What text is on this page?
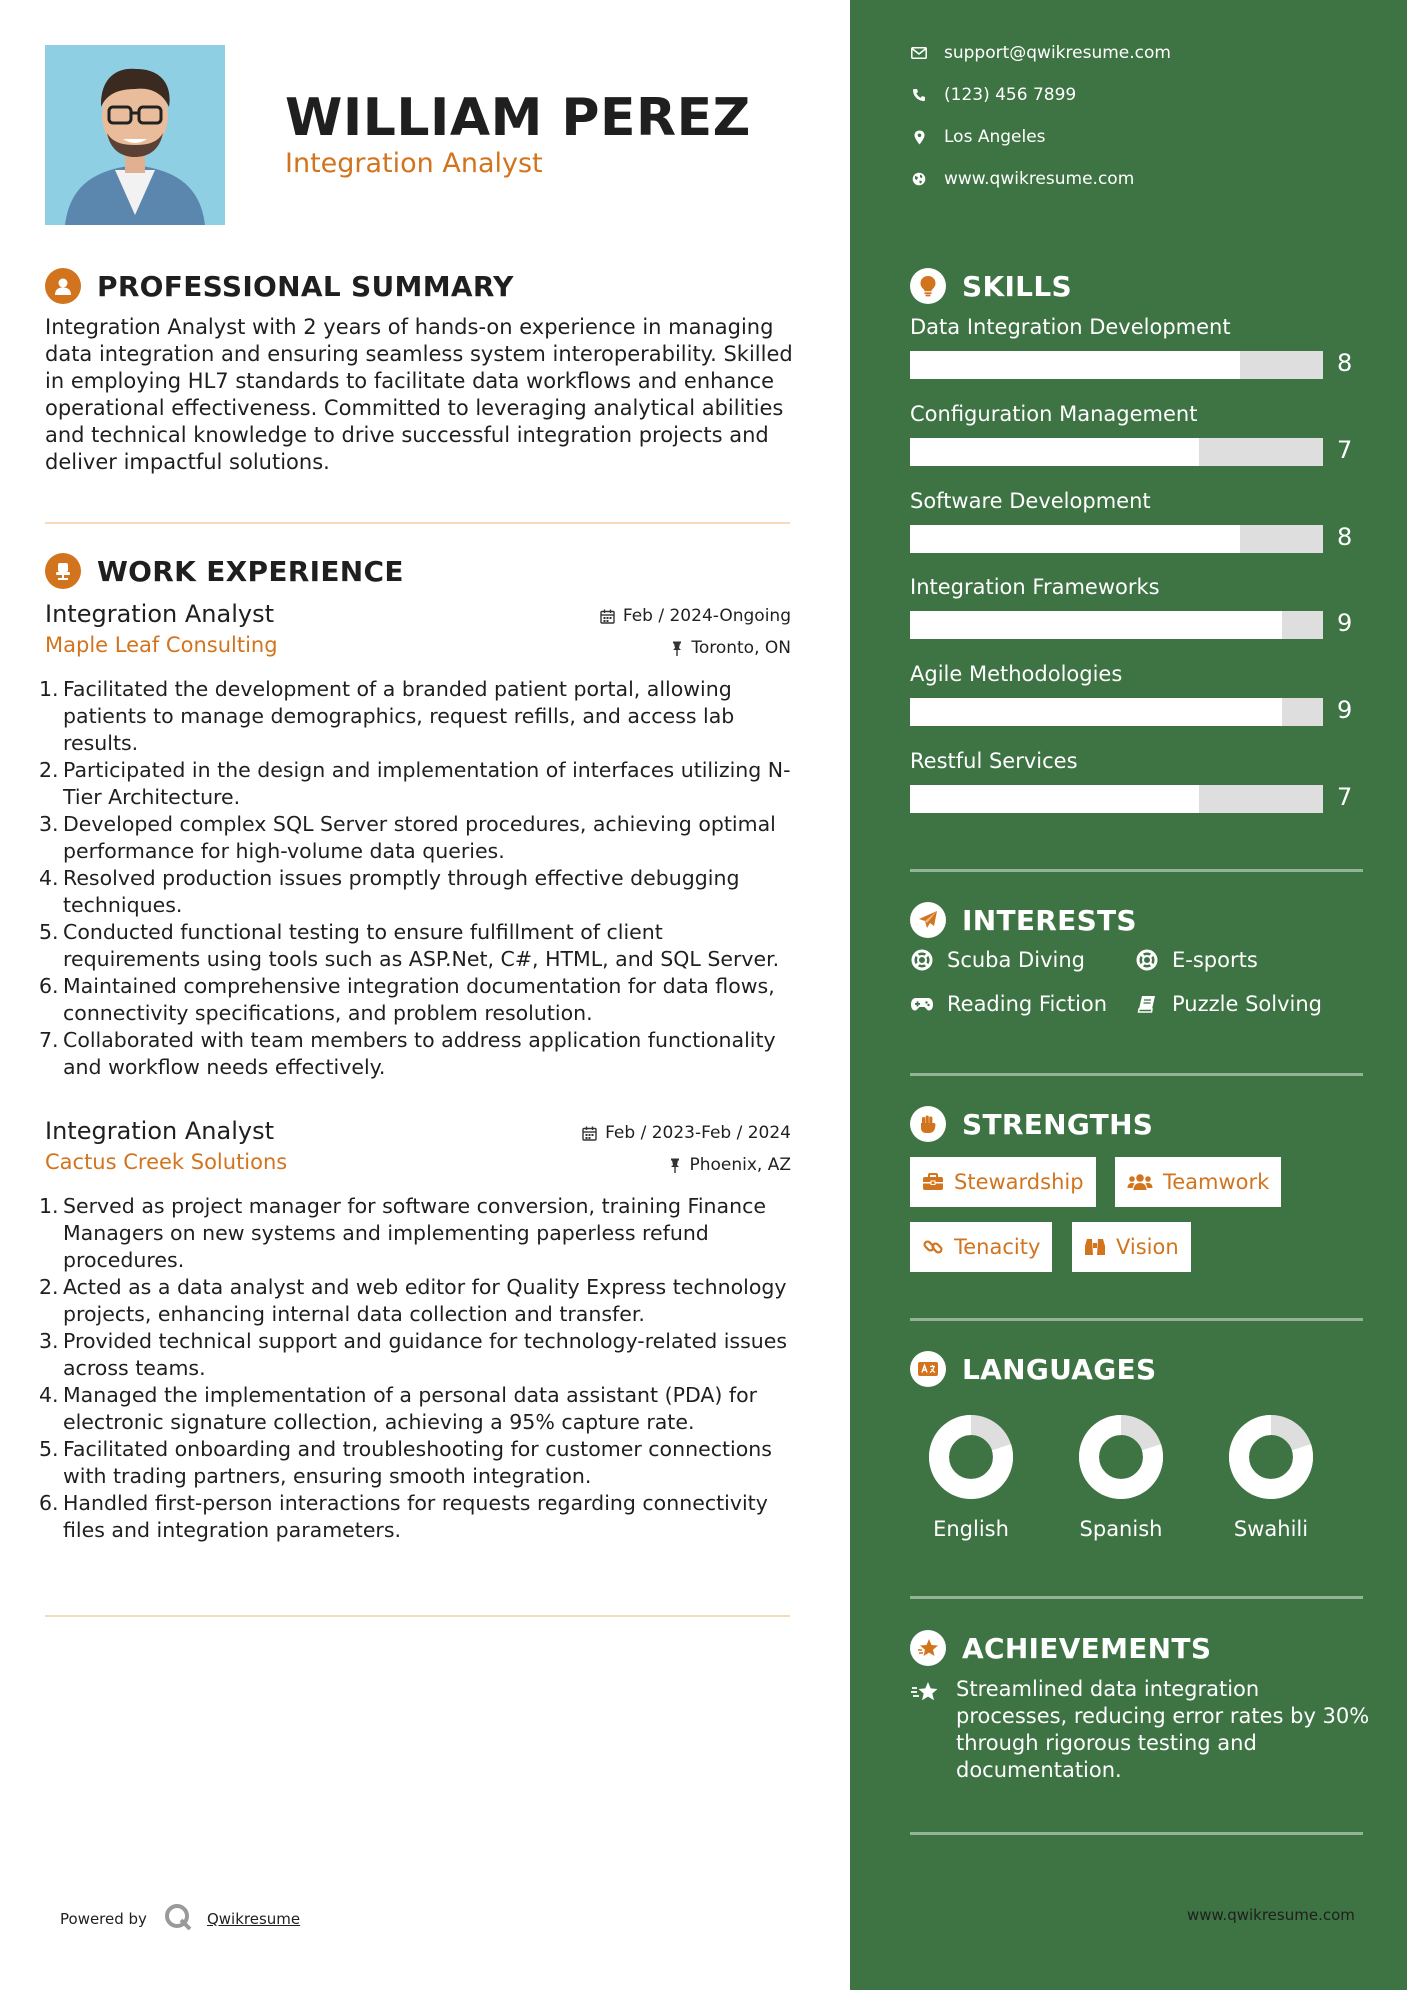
WILLIAM PEREZ
Integration Analyst
PROFESSIONAL SUMMARY
Integration Analyst with 2 years of hands-on experience in managing data integration and ensuring seamless system interoperability. Skilled in employing HL7 standards to facilitate data workflows and enhance operational effectiveness. Committed to leveraging analytical abilities and technical knowledge to drive successful integration projects and deliver impactful solutions.
WORK EXPERIENCE
Integration Analyst	Feb / 2024-Ongoing
Maple Leaf Consulting	Toronto, ON
1. Facilitated the development of a branded patient portal, allowing patients to manage demographics, request refills, and access lab results.
2. Participated in the design and implementation of interfaces utilizing N-Tier Architecture.
3. Developed complex SQL Server stored procedures, achieving optimal performance for high-volume data queries.
4. Resolved production issues promptly through effective debugging techniques.
5. Conducted functional testing to ensure fulfillment of client requirements using tools such as ASP.Net, C#, HTML, and SQL Server.
6. Maintained comprehensive integration documentation for data flows, connectivity specifications, and problem resolution.
7. Collaborated with team members to address application functionality and workflow needs effectively.
Integration Analyst	Feb / 2023-Feb / 2024
Cactus Creek Solutions	Phoenix, AZ
1. Served as project manager for software conversion, training Finance Managers on new systems and implementing paperless refund procedures.
2. Acted as a data analyst and web editor for Quality Express technology projects, enhancing internal data collection and transfer.
3. Provided technical support and guidance for technology-related issues across teams.
4. Managed the implementation of a personal data assistant (PDA) for electronic signature collection, achieving a 95% capture rate.
5. Facilitated onboarding and troubleshooting for customer connections with trading partners, ensuring smooth integration.
6. Handled first-person interactions for requests regarding connectivity files and integration parameters.
Powered by	Qwikresume
support@qwikresume.com
(123) 456 7899
Los Angeles
www.qwikresume.com
SKILLS
Data Integration Development
8
Configuration Management
7
Software Development
8
Integration Frameworks
9
Agile Methodologies
9
Restful Services
7
INTERESTS
Scuba Diving	E-sports
Reading Fiction	Puzzle Solving
STRENGTHS
Stewardship	Teamwork
Tenacity	Vision
LANGUAGES
English	Spanish	Swahili
ACHIEVEMENTS
Streamlined data integration processes, reducing error rates by 30% through rigorous testing and documentation.
www.qwikresume.com
